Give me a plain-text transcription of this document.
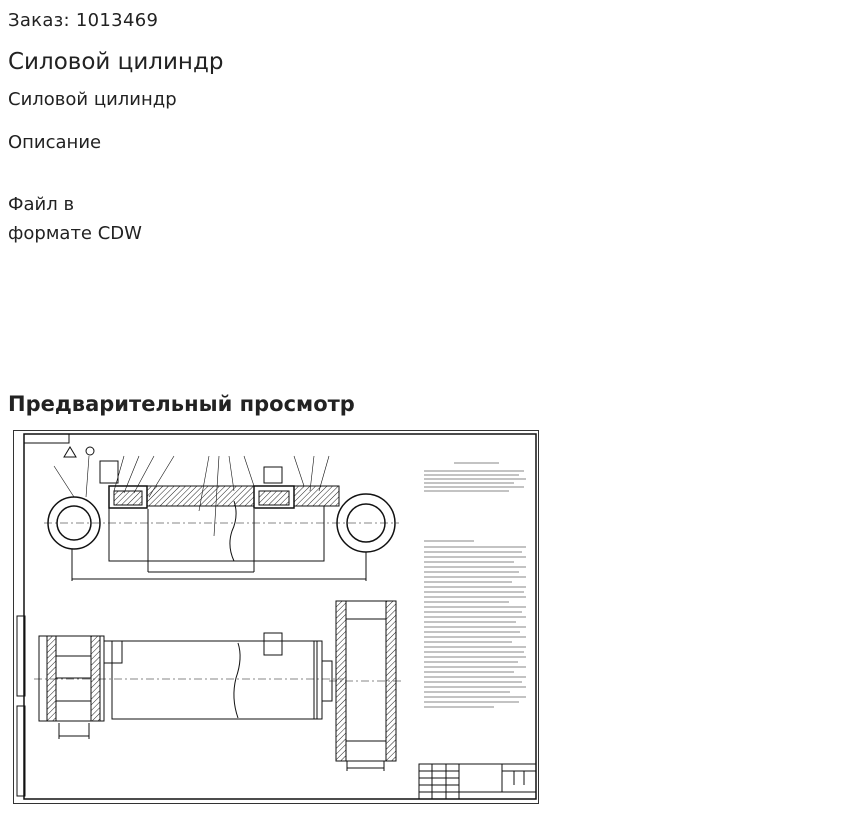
Заказ: 1013469
Силовой цилиндр
Силовой цилиндр
Описание
Файл в
формате CDW
Предварительный просмотр
